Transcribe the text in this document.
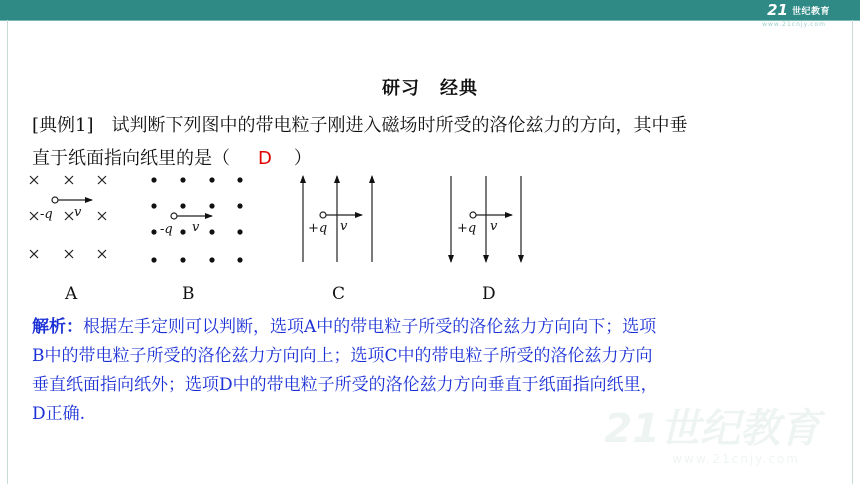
21 世纪教育
www.21cnjy.com
研习 经典
[典例1] 试判断下列图中的带电粒子刚进入磁场时所受的洛伦兹力的方向，其中垂
直于纸面指向纸里的是（ D ）
-q v
-q v	+q v	+q v
A	B	C	D
解析：根据左手定则可以判断，选项A中的带电粒子所受的洛伦兹力方向向下；选项
B中的带电粒子所受的洛伦兹力方向向上；选项C中的带电粒子所受的洛伦兹力方向
垂直纸面指向纸外；选项D中的带电粒子所受的洛伦兹力方向垂直于纸面指向纸里，
D正确.	21世纪教育
www.21cnjy.com
